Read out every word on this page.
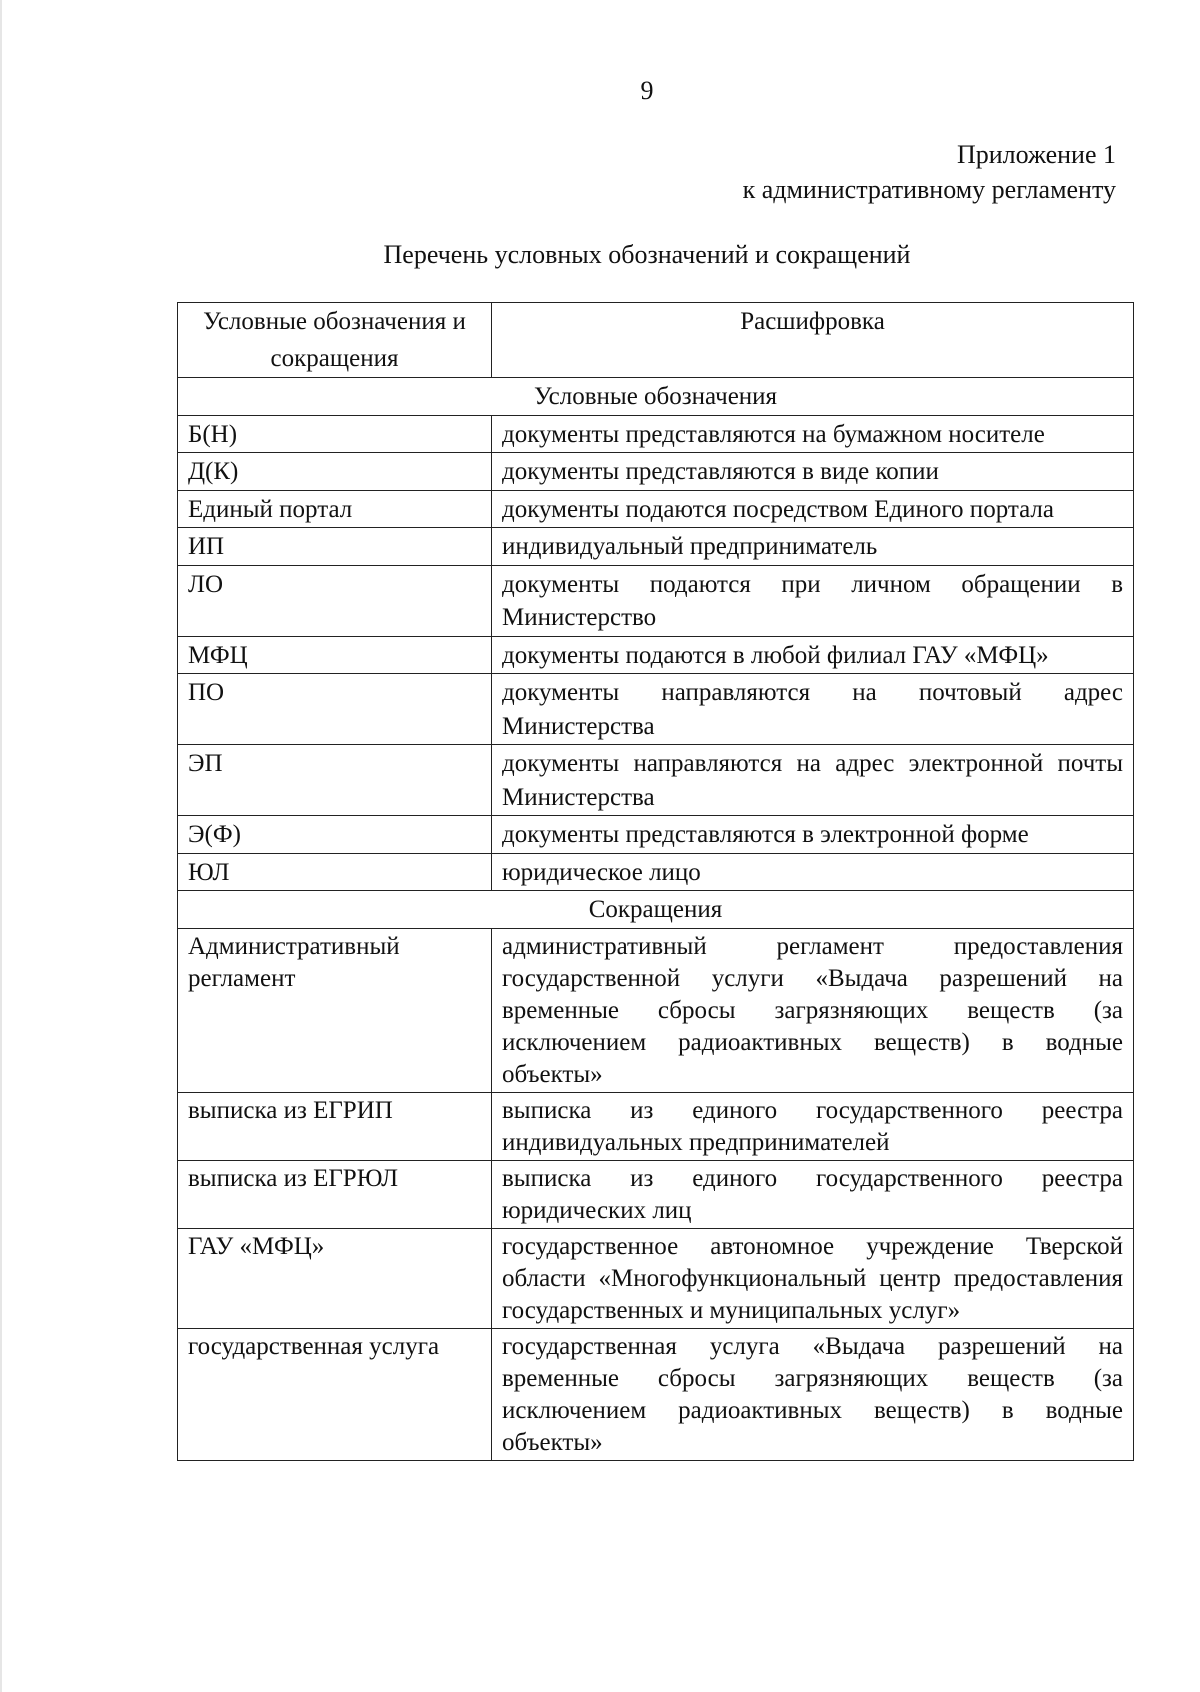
9
Приложение 1
к административному регламенту
Перечень условных обозначений и сокращений
Условные обозначения и сокращения	Расшифровка
Условные обозначения	
Б(Н)	документы представляются на бумажном носителе
Д(К)	документы представляются в виде копии
Единый портал	документы подаются посредством Единого портала
ИП	индивидуальный предприниматель
ЛО	документы подаются при личном обращении в Министерство
МФЦ	документы подаются в любой филиал ГАУ «МФЦ»
ПО	документы направляются на почтовый адрес Министерства
ЭП	документы направляются на адрес электронной почты Министерства
Э(Ф)	документы представляются в электронной форме
ЮЛ	юридическое лицо
Сокращения	
Административный регламент	административный регламент предоставления государственной услуги «Выдача разрешений на временные сбросы загрязняющих веществ (за исключением радиоактивных веществ) в водные объекты»
выписка из ЕГРИП	выписка из единого государственного реестра индивидуальных предпринимателей
выписка из ЕГРЮЛ	выписка из единого государственного реестра юридических лиц
ГАУ «МФЦ»	государственное автономное учреждение Тверской области «Многофункциональный центр предоставления государственных и муниципальных услуг»
государственная услуга	государственная услуга «Выдача разрешений на временные сбросы загрязняющих веществ (за исключением радиоактивных веществ) в водные объекты»
